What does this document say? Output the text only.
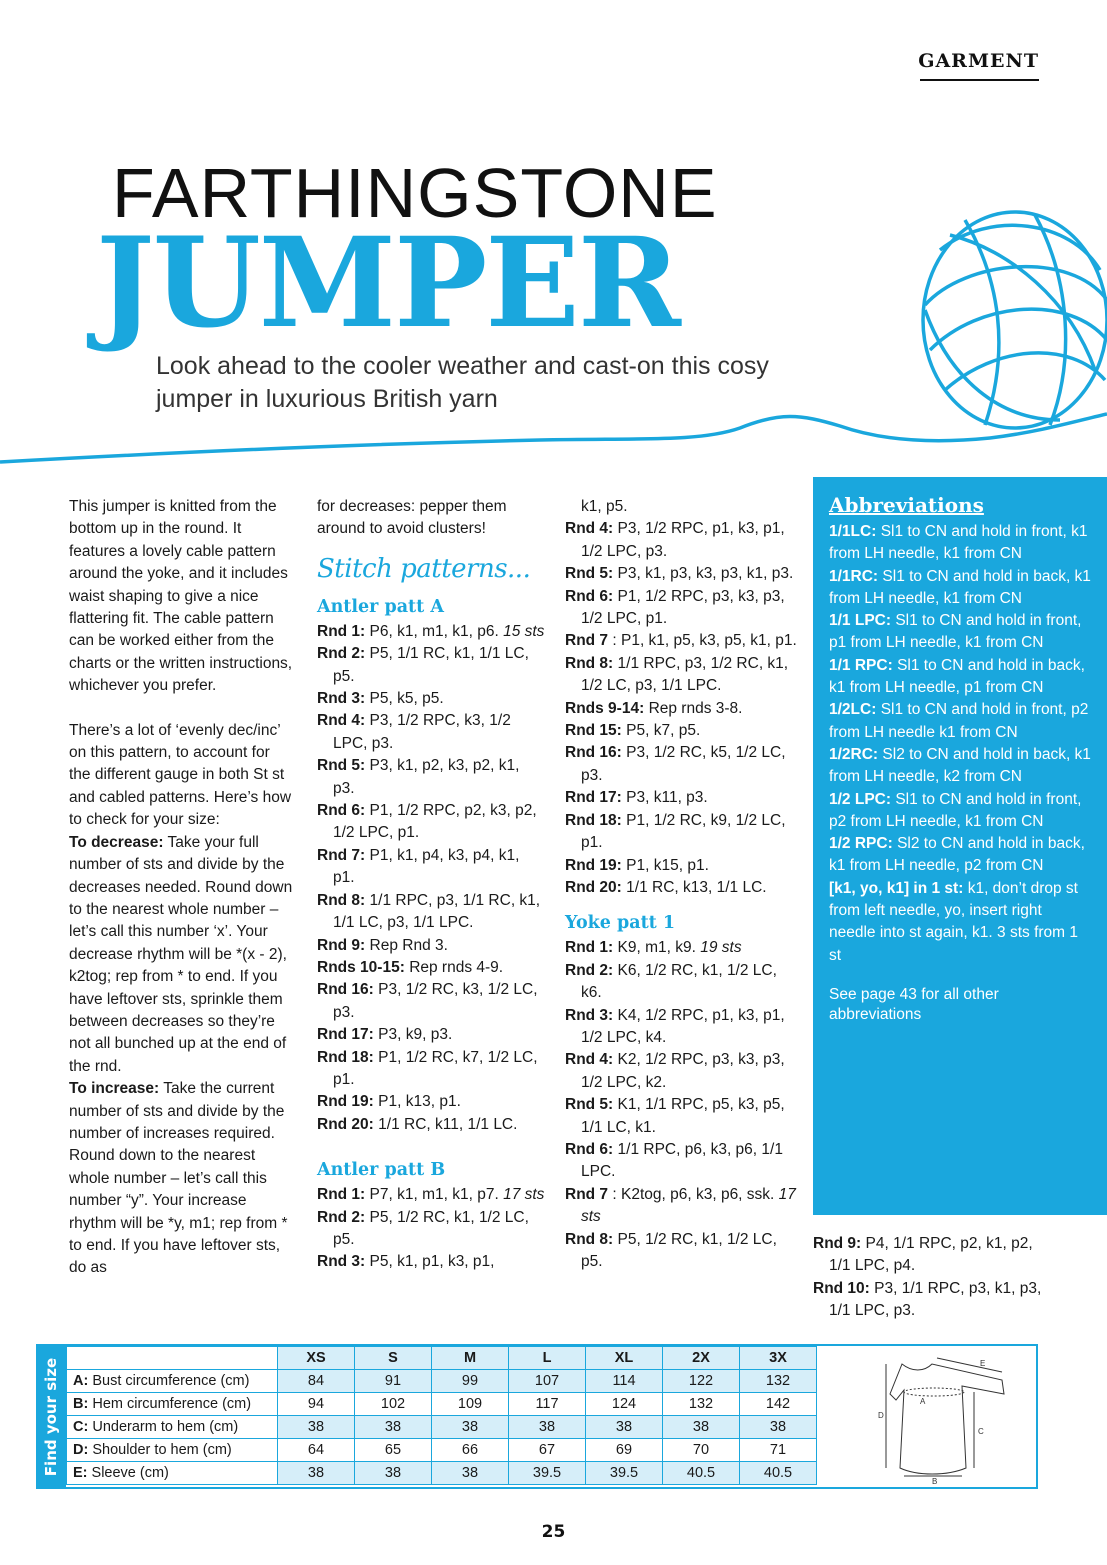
GARMENT
FARTHINGSTONE
JUMPER
Look ahead to the cooler weather and cast-on this cosy jumper in luxurious British yarn

This jumper is knitted from the bottom up in the round. It features a lovely cable pattern around the yoke, and it includes waist shaping to give a nice flattering fit. The cable pattern can be worked either from the charts or the written instructions, whichever you prefer.

There’s a lot of ‘evenly dec/inc’ on this pattern, to account for the different gauge in both St st and cabled patterns. Here’s how to check for your size:

To decrease: Take your full number of sts and divide by the decreases needed. Round down to the nearest whole number – let’s call this number ‘x’. Your decrease rhythm will be *(x - 2), k2tog; rep from * to end. If you have leftover sts, sprinkle them between decreases so they’re not all bunched up at the end of the rnd.

To increase: Take the current number of sts and divide by the number of increases required. Round down to the nearest whole number – let’s call this number “y”. Your increase rhythm will be *y, m1; rep from * to end. If you have leftover sts, do as

for decreases: pepper them around to avoid clusters!

Stitch patterns...
Antler patt A

Rnd 1: P6, k1, m1, k1, p6. 15 sts

Rnd 2: P5, 1/1 RC, k1, 1/1 LC, p5.

Rnd 3: P5, k5, p5.

Rnd 4: P3, 1/2 RPC, k3, 1/2 LPC, p3.

Rnd 5: P3, k1, p2, k3, p2, k1, p3.

Rnd 6: P1, 1/2 RPC, p2, k3, p2, 1/2 LPC, p1.

Rnd 7: P1, k1, p4, k3, p4, k1, p1.

Rnd 8: 1/1 RPC, p3, 1/1 RC, k1, 1/1 LC, p3, 1/1 LPC.

Rnd 9: Rep Rnd 3.

Rnds 10-15: Rep rnds 4-9.

Rnd 16: P3, 1/2 RC, k3, 1/2 LC, p3.

Rnd 17: P3, k9, p3.

Rnd 18: P1, 1/2 RC, k7, 1/2 LC, p1.

Rnd 19: P1, k13, p1.

Rnd 20: 1/1 RC, k11, 1/1 LC.

Antler patt B

Rnd 1: P7, k1, m1, k1, p7. 17 sts

Rnd 2: P5, 1/2 RC, k1, 1/2 LC, p5.

Rnd 3: P5, k1, p1, k3, p1,

k1, p5.

Rnd 4: P3, 1/2 RPC, p1, k3, p1, 1/2 LPC, p3.

Rnd 5: P3, k1, p3, k3, p3, k1, p3.

Rnd 6: P1, 1/2 RPC, p3, k3, p3, 1/2 LPC, p1.

Rnd 7 : P1, k1, p5, k3, p5, k1, p1.

Rnd 8: 1/1 RPC, p3, 1/2 RC, k1, 1/2 LC, p3, 1/1 LPC.

Rnds 9-14: Rep rnds 3-8.

Rnd 15: P5, k7, p5.

Rnd 16: P3, 1/2 RC, k5, 1/2 LC, p3.

Rnd 17: P3, k11, p3.

Rnd 18: P1, 1/2 RC, k9, 1/2 LC, p1.

Rnd 19: P1, k15, p1.

Rnd 20: 1/1 RC, k13, 1/1 LC.

Yoke patt 1

Rnd 1: K9, m1, k9. 19 sts

Rnd 2: K6, 1/2 RC, k1, 1/2 LC, k6.

Rnd 3: K4, 1/2 RPC, p1, k3, p1, 1/2 LPC, k4.

Rnd 4: K2, 1/2 RPC, p3, k3, p3, 1/2 LPC, k2.

Rnd 5: K1, 1/1 RPC, p5, k3, p5, 1/1 LC, k1.

Rnd 6: 1/1 RPC, p6, k3, p6, 1/1 LPC.

Rnd 7 : K2tog, p6, k3, p6, ssk. 17 sts

Rnd 8: P5, 1/2 RC, k1, 1/2 LC, p5.

Abbreviations
1/1LC: Sl1 to CN and hold in front, k1 from LH needle, k1 from CN
1/1RC: Sl1 to CN and hold in back, k1 from LH needle, k1 from CN
1/1 LPC: Sl1 to CN and hold in front, p1 from LH needle, k1 from CN
1/1 RPC: Sl1 to CN and hold in back, k1 from LH needle, p1 from CN
1/2LC: Sl1 to CN and hold in front, p2 from LH needle k1 from CN
1/2RC: Sl2 to CN and hold in back, k1 from LH needle, k2 from CN
1/2 LPC: Sl1 to CN and hold in front, p2 from LH needle, k1 from CN
1/2 RPC: Sl2 to CN and hold in back, k1 from LH needle, p2 from CN
[k1, yo, k1] in 1 st: k1, don’t drop st from left needle, yo, insert right needle into st again, k1. 3 sts from 1 st
See page 43 for all other abbreviations

Rnd 9: P4, 1/1 RPC, p2, k1, p2, 1/1 LPC, p4.

Rnd 10: P3, 1/1 RPC, p3, k1, p3, 1/1 LPC, p3.

Find your size
		XS	S	M	L	XL	2X	3X
A: Bust circumference (cm)	84	91	99	107	114	122	132
B: Hem circumference (cm)	94	102	109	117	124	132	142
C: Underarm to hem (cm)	38	38	38	38	38	38	38
D: Shoulder to hem (cm)	64	65	66	67	69	70	71
E: Sleeve (cm)	38	38	38	39.5	39.5	40.5	40.5
A
B
C
D
E
25
